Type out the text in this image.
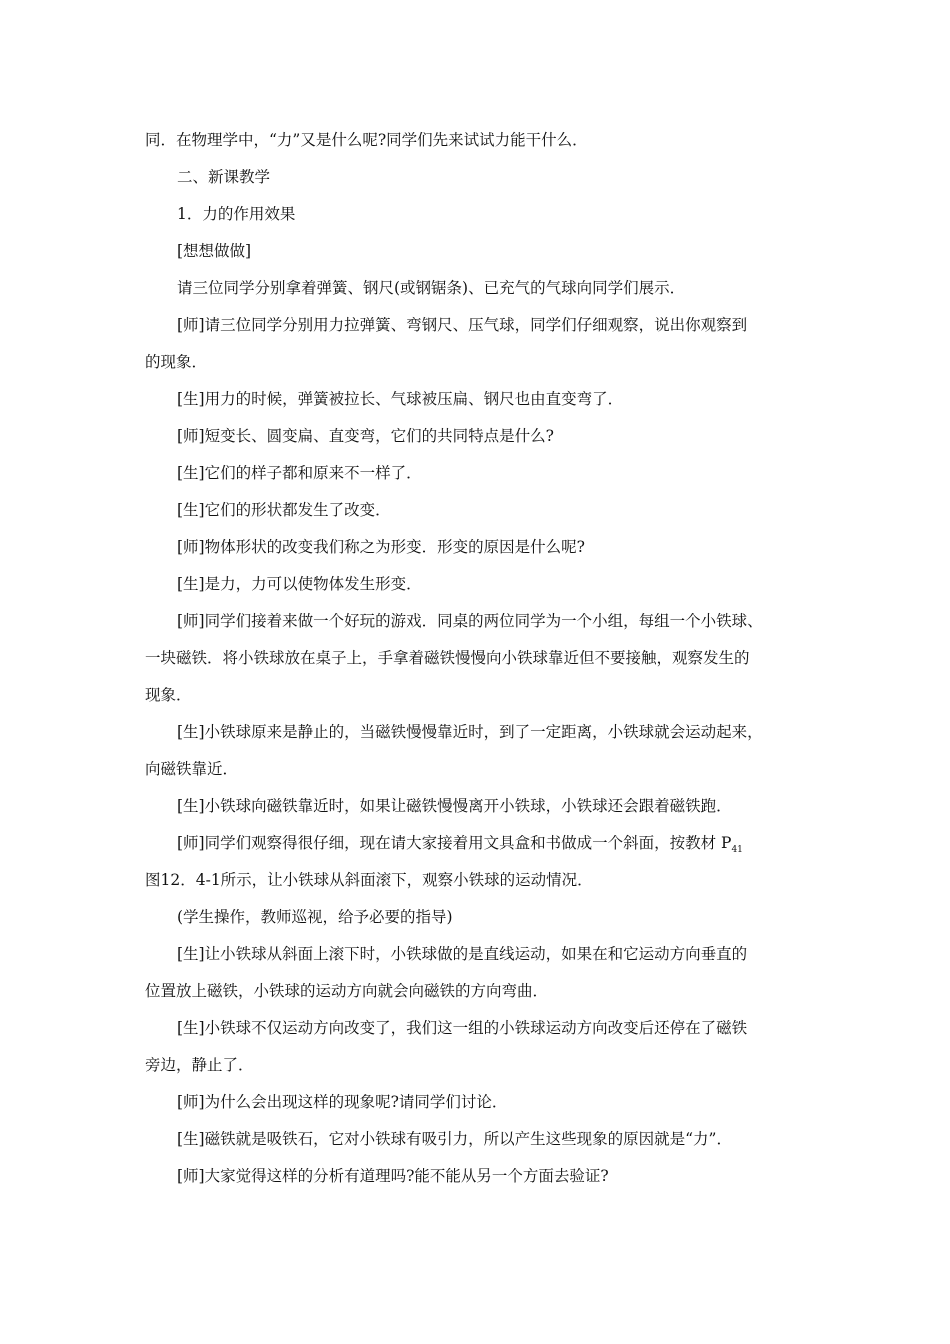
同．在物理学中，“力”又是什么呢?同学们先来试试力能干什么．

二、新课教学

1．力的作用效果

[想想做做]

请三位同学分别拿着弹簧、钢尺(或钢锯条)、已充气的气球向同学们展示．

[师]请三位同学分别用力拉弹簧、弯钢尺、压气球，同学们仔细观察，说出你观察到

的现象．

[生]用力的时候，弹簧被拉长、气球被压扁、钢尺也由直变弯了．

[师]短变长、圆变扁、直变弯，它们的共同特点是什么?

[生]它们的样子都和原来不一样了．

[生]它们的形状都发生了改变．

[师]物体形状的改变我们称之为形变．形变的原因是什么呢?

[生]是力，力可以使物体发生形变．

[师]同学们接着来做一个好玩的游戏．同桌的两位同学为一个小组，每组一个小铁球、

一块磁铁．将小铁球放在桌子上，手拿着磁铁慢慢向小铁球靠近但不要接触，观察发生的

现象．

[生]小铁球原来是静止的，当磁铁慢慢靠近时，到了一定距离，小铁球就会运动起来，

向磁铁靠近．

[生]小铁球向磁铁靠近时，如果让磁铁慢慢离开小铁球，小铁球还会跟着磁铁跑．

[师]同学们观察得很仔细，现在请大家接着用文具盒和书做成一个斜面，按教材 $P_{41}$

图12．4-1所示，让小铁球从斜面滚下，观察小铁球的运动情况．

(学生操作，教师巡视，给予必要的指导)

[生]让小铁球从斜面上滚下时，小铁球做的是直线运动，如果在和它运动方向垂直的

位置放上磁铁，小铁球的运动方向就会向磁铁的方向弯曲．

[生]小铁球不仅运动方向改变了，我们这一组的小铁球运动方向改变后还停在了磁铁

旁边，静止了．

[师]为什么会出现这样的现象呢?请同学们讨论．

[生]磁铁就是吸铁石，它对小铁球有吸引力，所以产生这些现象的原因就是“力”．

[师]大家觉得这样的分析有道理吗?能不能从另一个方面去验证?
